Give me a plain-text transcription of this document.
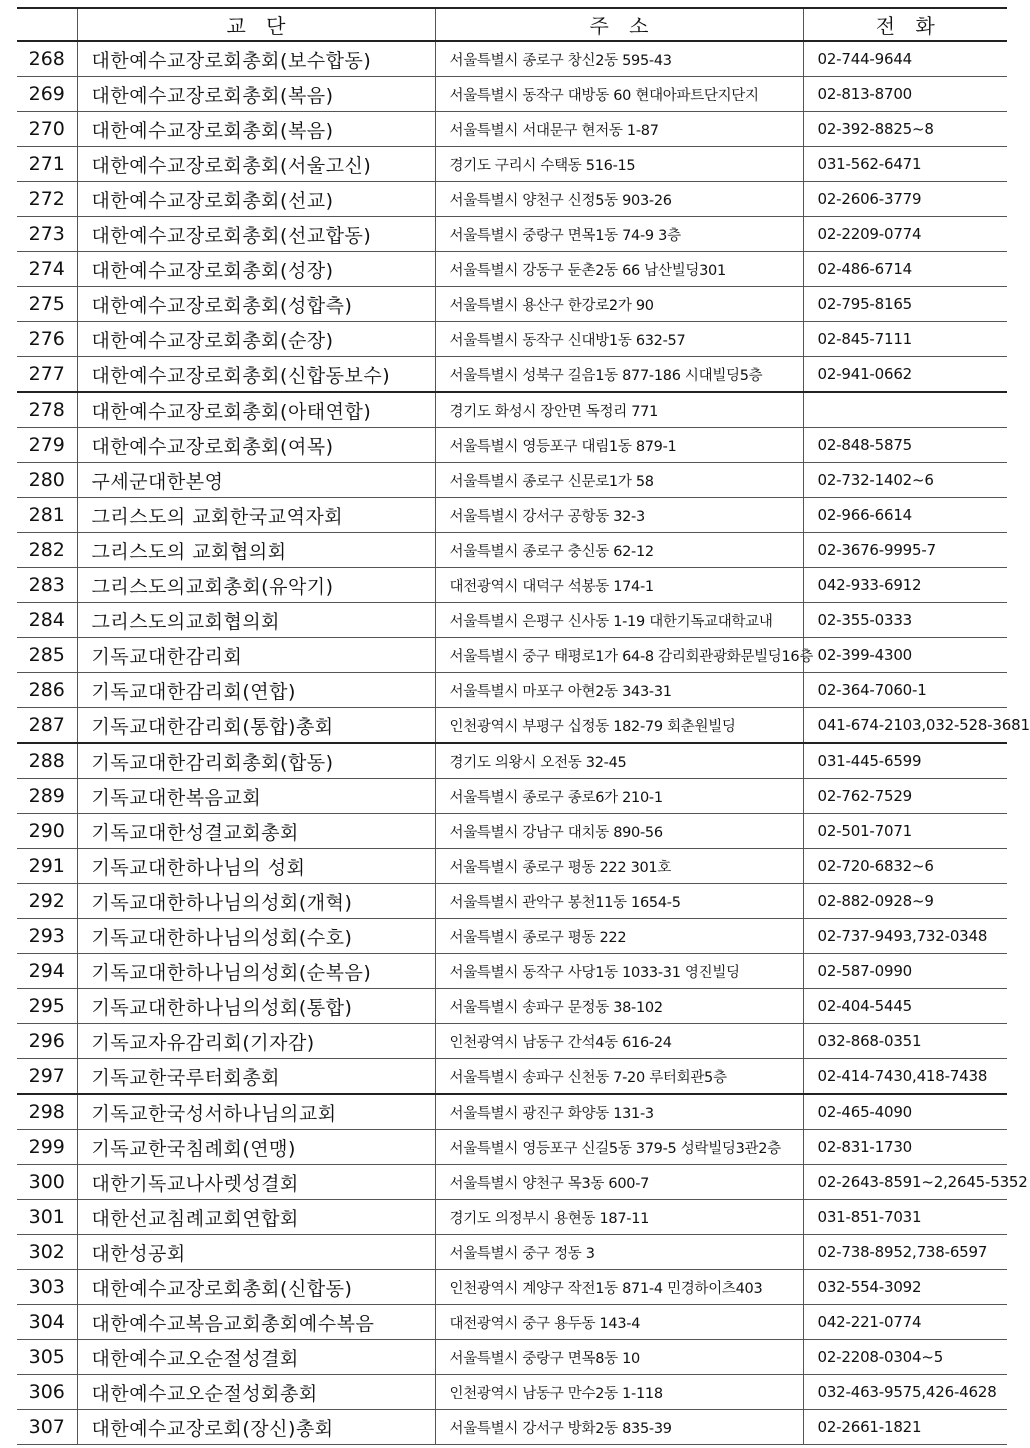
	교 단	주 소	전 화
268	대한예수교장로회총회(보수합동)	서울특별시 종로구 창신2동 595-43	02-744-9644
269	대한예수교장로회총회(복음)	서울특별시 동작구 대방동 60 현대아파트단지단지	02-813-8700
270	대한예수교장로회총회(복음)	서울특별시 서대문구 현저동 1-87	02-392-8825~8
271	대한예수교장로회총회(서울고신)	경기도 구리시 수택동 516-15	031-562-6471
272	대한예수교장로회총회(선교)	서울특별시 양천구 신정5동 903-26	02-2606-3779
273	대한예수교장로회총회(선교합동)	서울특별시 중랑구 면목1동 74-9 3층	02-2209-0774
274	대한예수교장로회총회(성장)	서울특별시 강동구 둔촌2동 66 남산빌딩301	02-486-6714
275	대한예수교장로회총회(성합측)	서울특별시 용산구 한강로2가 90	02-795-8165
276	대한예수교장로회총회(순장)	서울특별시 동작구 신대방1동 632-57	02-845-7111
277	대한예수교장로회총회(신합동보수)	서울특별시 성북구 길음1동 877-186 시대빌딩5층	02-941-0662
278	대한예수교장로회총회(아태연합)	경기도 화성시 장안면 독정리 771	
279	대한예수교장로회총회(여목)	서울특별시 영등포구 대림1동 879-1	02-848-5875
280	구세군대한본영	서울특별시 종로구 신문로1가 58	02-732-1402~6
281	그리스도의 교회한국교역자회	서울특별시 강서구 공항동 32-3	02-966-6614
282	그리스도의 교회협의회	서울특별시 종로구 충신동 62-12	02-3676-9995-7
283	그리스도의교회총회(유악기)	대전광역시 대덕구 석봉동 174-1	042-933-6912
284	그리스도의교회협의회	서울특별시 은평구 신사동 1-19 대한기독교대학교내	02-355-0333
285	기독교대한감리회	서울특별시 중구 태평로1가 64-8 감리회관광화문빌딩16층	02-399-4300
286	기독교대한감리회(연합)	서울특별시 마포구 아현2동 343-31	02-364-7060-1
287	기독교대한감리회(통합)총회	인천광역시 부평구 십정동 182-79 회춘원빌딩	041-674-2103,032-528-3681
288	기독교대한감리회총회(합동)	경기도 의왕시 오전동 32-45	031-445-6599
289	기독교대한복음교회	서울특별시 종로구 종로6가 210-1	02-762-7529
290	기독교대한성결교회총회	서울특별시 강남구 대치동 890-56	02-501-7071
291	기독교대한하나님의 성회	서울특별시 종로구 평동 222 301호	02-720-6832~6
292	기독교대한하나님의성회(개혁)	서울특별시 관악구 봉천11동 1654-5	02-882-0928~9
293	기독교대한하나님의성회(수호)	서울특별시 종로구 평동 222	02-737-9493,732-0348
294	기독교대한하나님의성회(순복음)	서울특별시 동작구 사당1동 1033-31 영진빌딩	02-587-0990
295	기독교대한하나님의성회(통합)	서울특별시 송파구 문정동 38-102	02-404-5445
296	기독교자유감리회(기자감)	인천광역시 남동구 간석4동 616-24	032-868-0351
297	기독교한국루터회총회	서울특별시 송파구 신천동 7-20 루터회관5층	02-414-7430,418-7438
298	기독교한국성서하나님의교회	서울특별시 광진구 화양동 131-3	02-465-4090
299	기독교한국침례회(연맹)	서울특별시 영등포구 신길5동 379-5 성락빌딩3관2층	02-831-1730
300	대한기독교나사렛성결회	서울특별시 양천구 목3동 600-7	02-2643-8591~2,2645-5352
301	대한선교침례교회연합회	경기도 의정부시 용현동 187-11	031-851-7031
302	대한성공회	서울특별시 중구 정동 3	02-738-8952,738-6597
303	대한예수교장로회총회(신합동)	인천광역시 계양구 작전1동 871-4 민경하이츠403	032-554-3092
304	대한예수교복음교회총회예수복음	대전광역시 중구 용두동 143-4	042-221-0774
305	대한예수교오순절성결회	서울특별시 중랑구 면목8동 10	02-2208-0304~5
306	대한예수교오순절성회총회	인천광역시 남동구 만수2동 1-118	032-463-9575,426-4628
307	대한예수교장로회(장신)총회	서울특별시 강서구 방화2동 835-39	02-2661-1821
